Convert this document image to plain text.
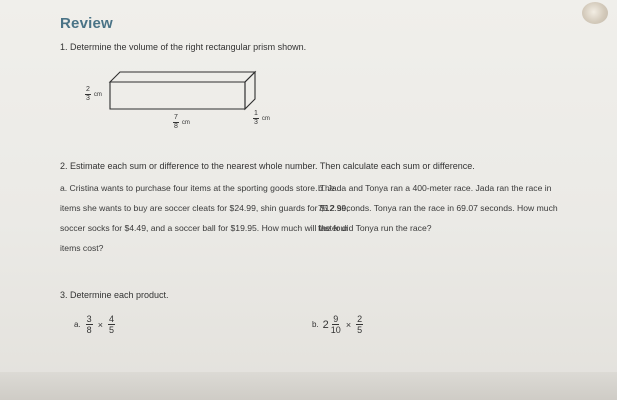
Review
1. Determine the volume of the right rectangular prism shown.
$\frac{2}{3}$ cm
$\frac{7}{8}$ cm	$\frac{1}{3}$ cm
2. Estimate each sum or difference to the nearest whole number. Then calculate each sum or difference.
a. Cristina wants to purchase four items at the sporting goods store. The items she wants to buy are soccer cleats for $24.99, shin guards for $12.99, soccer socks for $4.49, and a soccer ball for $19.95. How much will the four items cost?
b. Jada and Tonya ran a 400-meter race. Jada ran the race in 75.2 seconds. Tonya ran the race in 69.07 seconds. How much faster did Tonya run the race?
3. Determine each product.
a. $\frac{3}{8} \times \frac{4}{5}$	b. $2 \frac{9}{10} \times \frac{2}{5}$
